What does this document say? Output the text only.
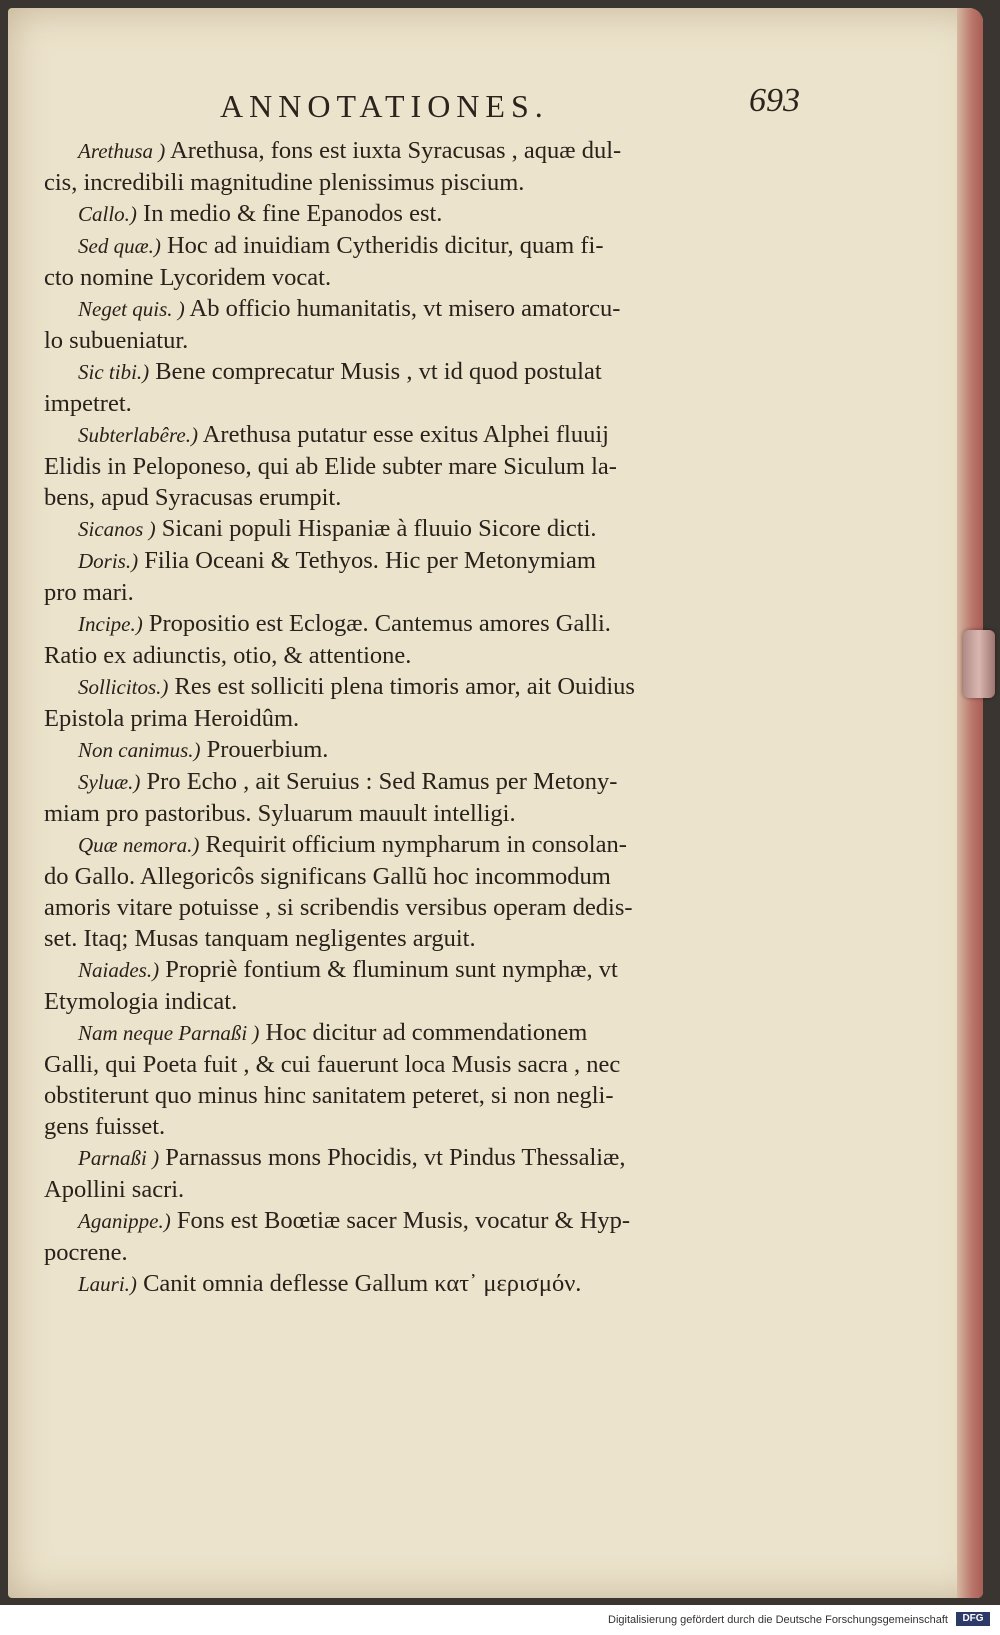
ANNOTATIONES.	693
Arethusa ) Arethusa, fons est iuxta Syracusas , aquæ dul-
cis, incredibili magnitudine plenissimus piscium.
Callo.) In medio & fine Epanodos est.
Sed quæ.) Hoc ad inuidiam Cytheridis dicitur, quam fi-
cto nomine Lycoridem vocat.
Neget quis. ) Ab officio humanitatis, vt misero amatorcu-
lo subueniatur.
Sic tibi.) Bene comprecatur Musis , vt id quod postulat
impetret.
Subterlabêre.) Arethusa putatur esse exitus Alphei fluuij
Elidis in Peloponeso, qui ab Elide subter mare Siculum la-
bens, apud Syracusas erumpit.
Sicanos ) Sicani populi Hispaniæ à fluuio Sicore dicti.
Doris.) Filia Oceani & Tethyos. Hic per Metonymiam
pro mari.
Incipe.) Propositio est Eclogæ. Cantemus amores Galli.
Ratio ex adiunctis, otio, & attentione.
Sollicitos.) Res est solliciti plena timoris amor, ait Ouidius
Epistola prima Heroidûm.
Non canimus.) Prouerbium.
Syluæ.) Pro Echo , ait Seruius : Sed Ramus per Metony-
miam pro pastoribus. Syluarum mauult intelligi.
Quæ nemora.) Requirit officium nympharum in consolan-
do Gallo. Allegoricôs significans Gallũ hoc incommodum
amoris vitare potuisse , si scribendis versibus operam dedis-
set. Itaq; Musas tanquam negligentes arguit.
Naiades.) Propriè fontium & fluminum sunt nymphæ, vt
Etymologia indicat.
Nam neque Parnaßi ) Hoc dicitur ad commendationem
Galli, qui Poeta fuit , & cui fauerunt loca Musis sacra , nec
obstiterunt quo minus hinc sanitatem peteret, si non negli-
gens fuisset.
Parnaßi ) Parnassus mons Phocidis, vt Pindus Thessaliæ,
Apollini sacri.
Aganippe.) Fons est Boœtiæ sacer Musis, vocatur & Hyp-
pocrene.
Lauri.) Canit omnia deflesse Gallum κατ᾽ μερισμόν.
Digitalisierung gefördert durch die Deutsche Forschungsgemeinschaft	DFG
